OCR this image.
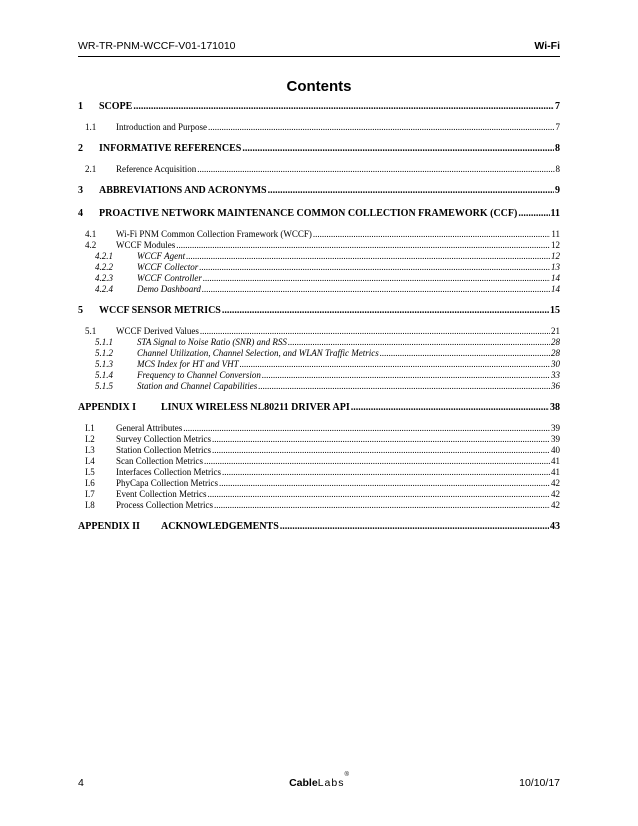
WR-TR-PNM-WCCF-V01-171010	Wi-Fi
Contents
1	SCOPE .....	7
1.1	Introduction and Purpose .....	7
2	INFORMATIVE REFERENCES .....	8
2.1	Reference Acquisition .....	8
3	ABBREVIATIONS AND ACRONYMS .....	9
4	PROACTIVE NETWORK MAINTENANCE COMMON COLLECTION FRAMEWORK (CCF) .....	11
4.1	Wi-Fi PNM Common Collection Framework (WCCF) .....	11
4.2	WCCF Modules .....	12
4.2.1	WCCF Agent .....	12
4.2.2	WCCF Collector .....	13
4.2.3	WCCF Controller .....	14
4.2.4	Demo Dashboard .....	14
5	WCCF SENSOR METRICS .....	15
5.1	WCCF Derived Values .....	21
5.1.1	STA Signal to Noise Ratio (SNR) and RSS .....	28
5.1.2	Channel Utilization, Channel Selection, and WLAN Traffic Metrics .....	28
5.1.3	MCS Index for HT and VHT .....	30
5.1.4	Frequency to Channel Conversion .....	33
5.1.5	Station and Channel Capabilities .....	36
APPENDIX I	LINUX WIRELESS NL80211 DRIVER API .....	38
I.1	General Attributes .....	39
I.2	Survey Collection Metrics .....	39
I.3	Station Collection Metrics .....	40
I.4	Scan Collection Metrics .....	41
I.5	Interfaces Collection Metrics .....	41
I.6	PhyCapa Collection Metrics .....	42
I.7	Event Collection Metrics .....	42
I.8	Process Collection Metrics .....	42
APPENDIX II	ACKNOWLEDGEMENTS .....	43
4	CableLabs®
10/10/17
